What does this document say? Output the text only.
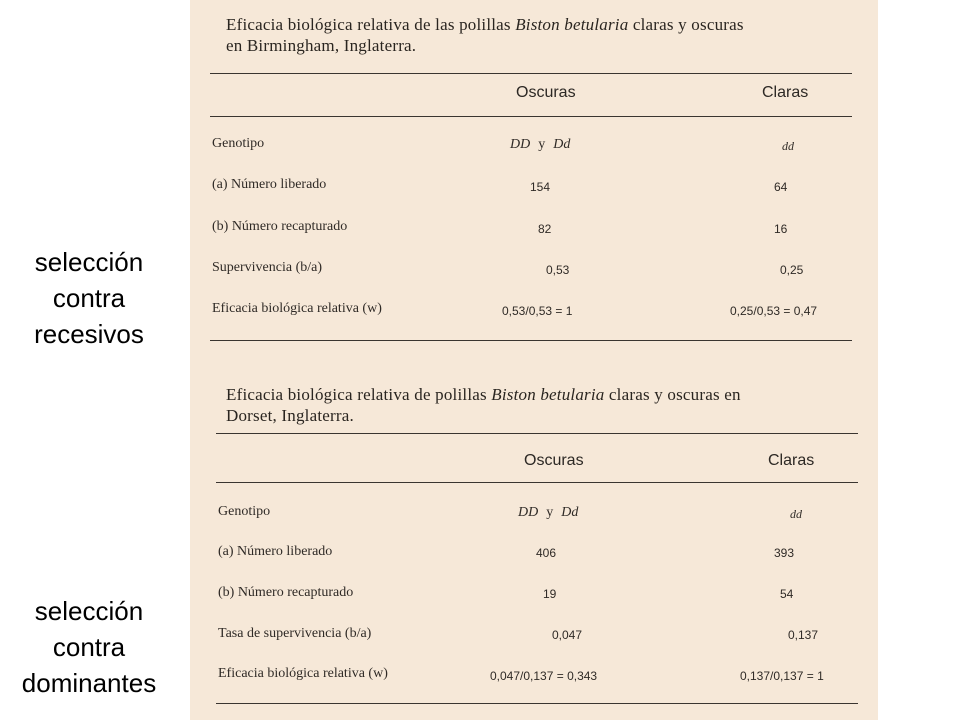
selección
contra
recesivos
selección
contra
dominantes
Eficacia biológica relativa de las polillas Biston betularia claras y oscuras
en Birmingham, Inglaterra.
Oscuras	Claras
Genotipo	DD y Dd	dd
(a) Número liberado	154	64
(b) Número recapturado	82	16
Supervivencia (b/a)	0,53	0,25
Eficacia biológica relativa (w)	0,53/0,53 = 1	0,25/0,53 = 0,47
Eficacia biológica relativa de polillas Biston betularia claras y oscuras en
Dorset, Inglaterra.
Oscuras	Claras
Genotipo	DD y Dd	dd
(a) Número liberado	406	393
(b) Número recapturado	19	54
Tasa de supervivencia (b/a)	0,047	0,137
Eficacia biológica relativa (w)	0,047/0,137 = 0,343	0,137/0,137 = 1
